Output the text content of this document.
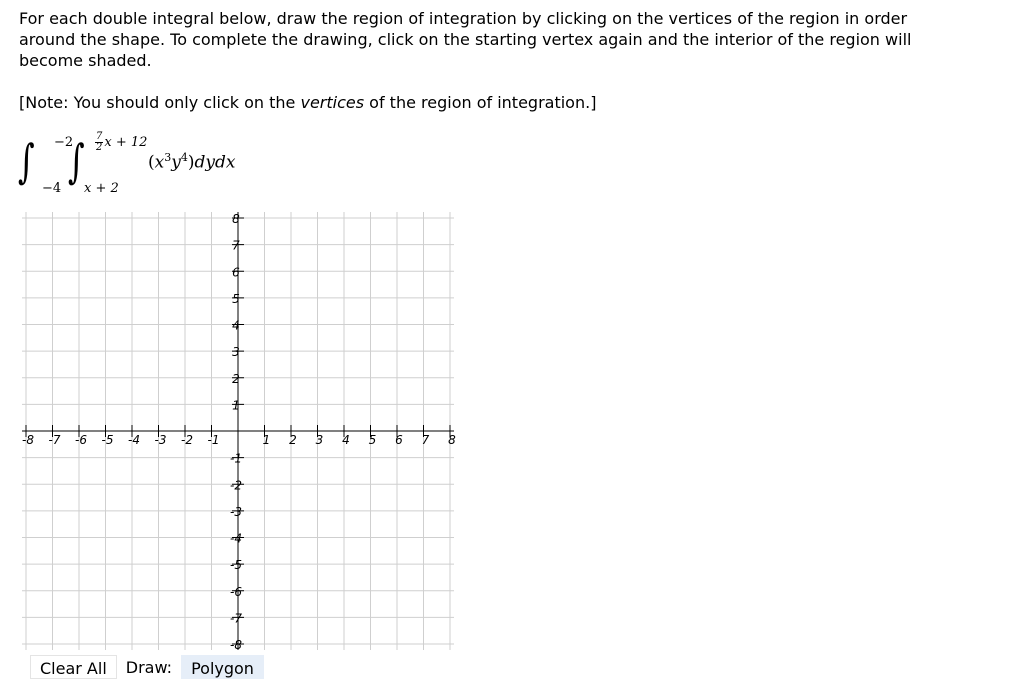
For each double integral below, draw the region of integration by clicking on the vertices of the region in order around the shape. To complete the drawing, click on the starting vertex again and the interior of the region will become shaded.

[Note: You should only click on the vertices of the region of integration.]

∫ −2
−4
∫ $\frac{7}{2}$ x + 12
x + 2
$(x^3y^4)dydx$
-8 -7 -6 -5 -4 -3 -2 -1	1 2 3 4 5 6 7 8
8
7
6
5
4
3
2
1
-1
-2
-3
-4
-5
-6
-7
-8
Clear All	Draw:	Polygon
